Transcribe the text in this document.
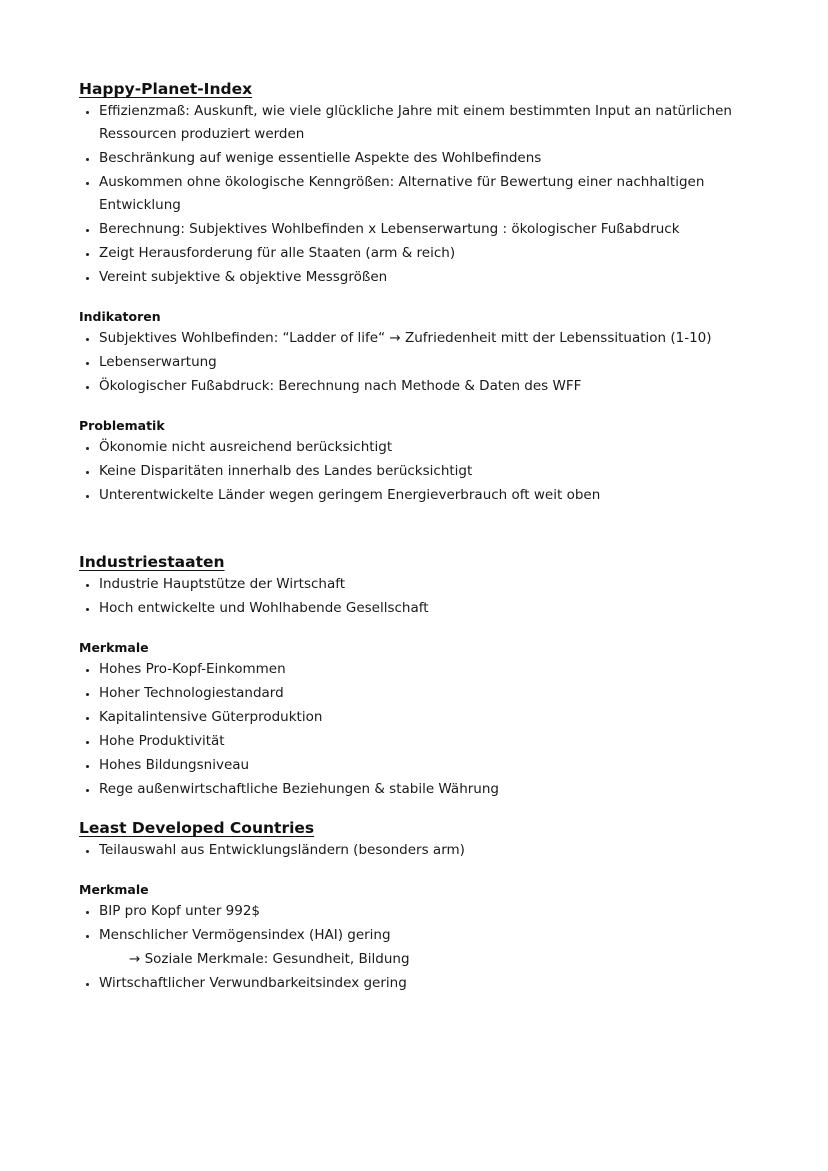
Happy-Planet-Index
Effizienzmaß: Auskunft, wie viele glückliche Jahre mit einem bestimmten Input an natürlichen Ressourcen produziert werden
Beschränkung auf wenige essentielle Aspekte des Wohlbefindens
Auskommen ohne ökologische Kenngrößen: Alternative für Bewertung einer nachhaltigen Entwicklung
Berechnung: Subjektives Wohlbefinden x Lebenserwartung : ökologischer Fußabdruck
Zeigt Herausforderung für alle Staaten (arm & reich)
Vereint subjektive & objektive Messgrößen
Indikatoren
Subjektives Wohlbefinden: “Ladder of life“ → Zufriedenheit mitt der Lebenssituation (1-10)
Lebenserwartung
Ökologischer Fußabdruck: Berechnung nach Methode & Daten des WFF
Problematik
Ökonomie nicht ausreichend berücksichtigt
Keine Disparitäten innerhalb des Landes berücksichtigt
Unterentwickelte Länder wegen geringem Energieverbrauch oft weit oben
Industriestaaten
Industrie Hauptstütze der Wirtschaft
Hoch entwickelte und Wohlhabende Gesellschaft
Merkmale
Hohes Pro-Kopf-Einkommen
Hoher Technologiestandard
Kapitalintensive Güterproduktion
Hohe Produktivität
Hohes Bildungsniveau
Rege außenwirtschaftliche Beziehungen & stabile Währung
Least Developed Countries
Teilauswahl aus Entwicklungsländern (besonders arm)
Merkmale
BIP pro Kopf unter 992$
Menschlicher Vermögensindex (HAI) gering
→ Soziale Merkmale: Gesundheit, Bildung
Wirtschaftlicher Verwundbarkeitsindex gering
